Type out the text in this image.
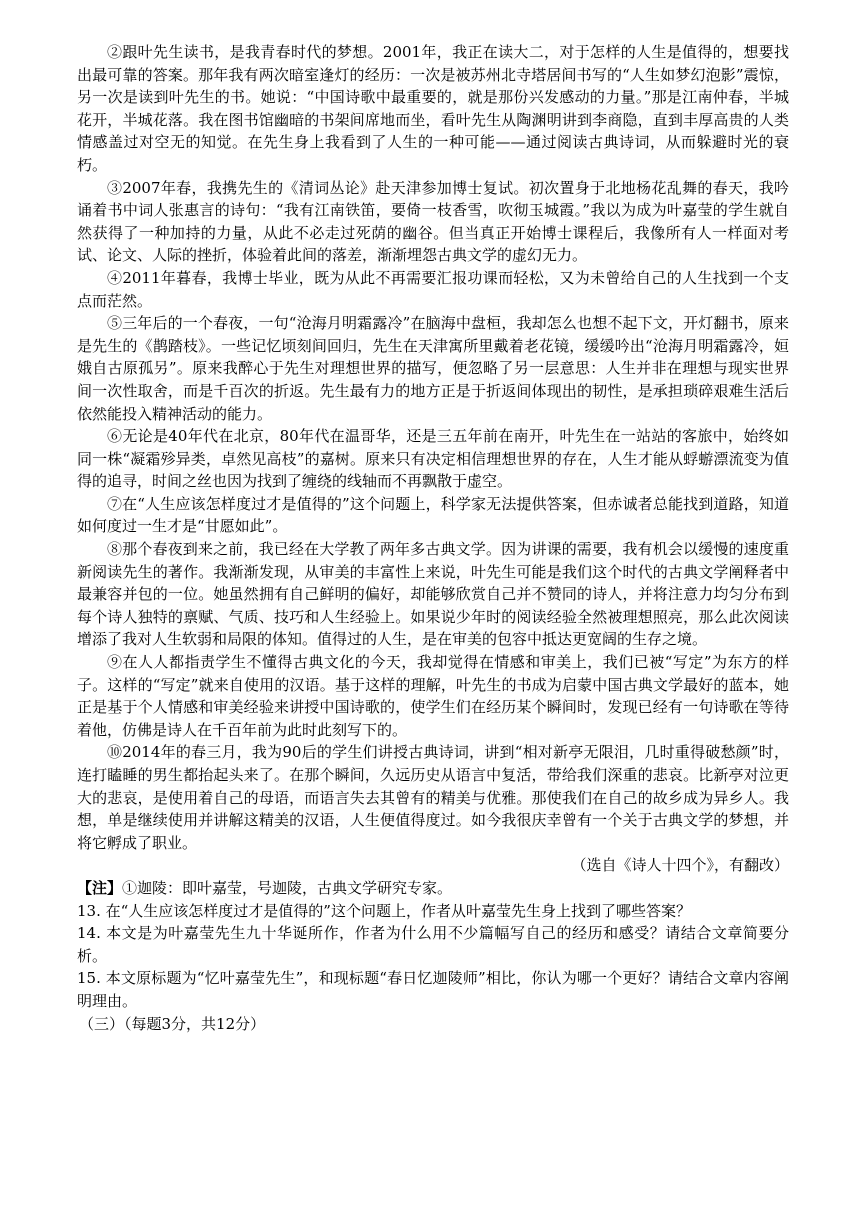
②跟叶先生读书，是我青春时代的梦想。2001年，我正在读大二，对于怎样的人生是值得的，想要找出最可靠的答案。那年我有两次暗室逢灯的经历：一次是被苏州北寺塔居间书写的“人生如梦幻泡影”震惊，另一次是读到叶先生的书。她说：“中国诗歌中最重要的，就是那份兴发感动的力量。”那是江南仲春，半城花开，半城花落。我在图书馆幽暗的书架间席地而坐，看叶先生从陶渊明讲到李商隐，直到丰厚高贵的人类情感盖过对空无的知觉。在先生身上我看到了人生的一种可能——通过阅读古典诗词，从而躲避时光的衰朽。

③2007年春，我携先生的《清词丛论》赴天津参加博士复试。初次置身于北地杨花乱舞的春天，我吟诵着书中词人张惠言的诗句：“我有江南铁笛，要倚一枝香雪，吹彻玉城霞。”我以为成为叶嘉莹的学生就自然获得了一种加持的力量，从此不必走过死荫的幽谷。但当真正开始博士课程后，我像所有人一样面对考试、论文、人际的挫折，体验着此间的落差，渐渐埋怨古典文学的虚幻无力。

④2011年暮春，我博士毕业，既为从此不再需要汇报功课而轻松，又为未曾给自己的人生找到一个支点而茫然。

⑤三年后的一个春夜，一句“沧海月明霜露冷”在脑海中盘桓，我却怎么也想不起下文，开灯翻书，原来是先生的《鹊踏枝》。一些记忆顷刻间回归，先生在天津寓所里戴着老花镜，缓缓吟出“沧海月明霜露冷，姮娥自古原孤另”。原来我醉心于先生对理想世界的描写，便忽略了另一层意思：人生并非在理想与现实世界间一次性取舍，而是千百次的折返。先生最有力的地方正是于折返间体现出的韧性，是承担琐碎艰难生活后依然能投入精神活动的能力。

⑥无论是40年代在北京，80年代在温哥华，还是三五年前在南开，叶先生在一站站的客旅中，始终如同一株“凝霜殄异类，卓然见高枝”的嘉树。原来只有决定相信理想世界的存在，人生才能从蜉蝣漂流变为值得的追寻，时间之丝也因为找到了缠绕的线轴而不再飘散于虚空。

⑦在“人生应该怎样度过才是值得的”这个问题上，科学家无法提供答案，但赤诚者总能找到道路，知道如何度过一生才是“甘愿如此”。

⑧那个春夜到来之前，我已经在大学教了两年多古典文学。因为讲课的需要，我有机会以缓慢的速度重新阅读先生的著作。我渐渐发现，从审美的丰富性上来说，叶先生可能是我们这个时代的古典文学阐释者中最兼容并包的一位。她虽然拥有自己鲜明的偏好，却能够欣赏自己并不赞同的诗人，并将注意力均匀分布到每个诗人独特的禀赋、气质、技巧和人生经验上。如果说少年时的阅读经验全然被理想照亮，那么此次阅读增添了我对人生软弱和局限的体知。值得过的人生，是在审美的包容中抵达更宽阔的生存之境。

⑨在人人都指责学生不懂得古典文化的今天，我却觉得在情感和审美上，我们已被“写定”为东方的样子。这样的“写定”就来自使用的汉语。基于这样的理解，叶先生的书成为启蒙中国古典文学最好的蓝本，她正是基于个人情感和审美经验来讲授中国诗歌的，使学生们在经历某个瞬间时，发现已经有一句诗歌在等待着他，仿佛是诗人在千百年前为此时此刻写下的。

⑩2014年的春三月，我为90后的学生们讲授古典诗词，讲到“相对新亭无限泪，几时重得破愁颜”时，连打瞌睡的男生都抬起头来了。在那个瞬间，久远历史从语言中复活，带给我们深重的悲哀。比新亭对泣更大的悲哀，是使用着自己的母语，而语言失去其曾有的精美与优雅。那使我们在自己的故乡成为异乡人。我想，单是继续使用并讲解这精美的汉语，人生便值得度过。如今我很庆幸曾有一个关于古典文学的梦想，并将它孵成了职业。

（选自《诗人十四个》，有翻改）

【注】①迦陵：即叶嘉莹，号迦陵，古典文学研究专家。

13. 在“人生应该怎样度过才是值得的”这个问题上，作者从叶嘉莹先生身上找到了哪些答案？

14. 本文是为叶嘉莹先生九十华诞所作，作者为什么用不少篇幅写自己的经历和感受？请结合文章简要分析。

15. 本文原标题为“忆叶嘉莹先生”，和现标题“春日忆迦陵师”相比，你认为哪一个更好？请结合文章内容阐明理由。

（三）（每题3分，共12分）
